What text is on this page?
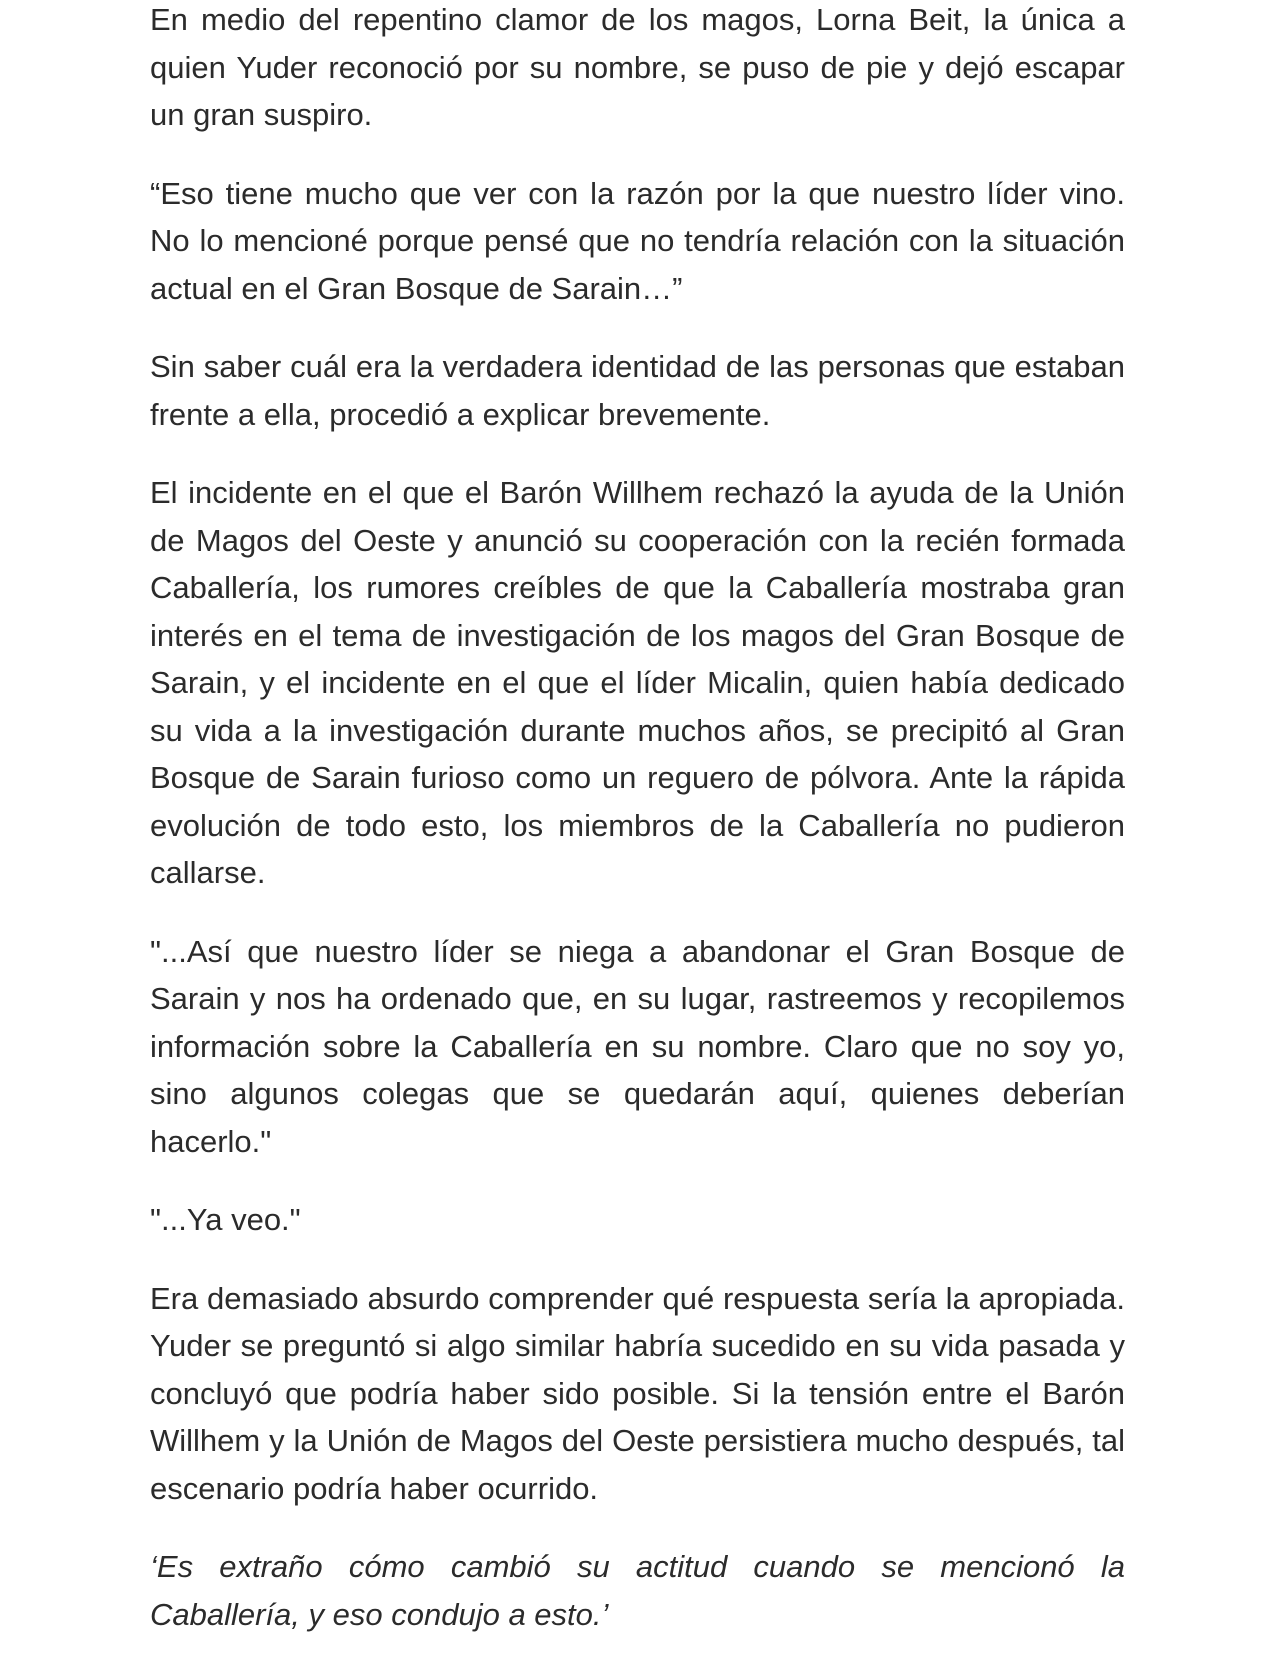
En medio del repentino clamor de los magos, Lorna Beit, la única a quien Yuder reconoció por su nombre, se puso de pie y dejó escapar un gran suspiro.

“Eso tiene mucho que ver con la razón por la que nuestro líder vino. No lo mencioné porque pensé que no tendría relación con la situación actual en el Gran Bosque de Sarain…”

Sin saber cuál era la verdadera identidad de las personas que estaban frente a ella, procedió a explicar brevemente.

El incidente en el que el Barón Willhem rechazó la ayuda de la Unión de Magos del Oeste y anunció su cooperación con la recién formada Caballería, los rumores creíbles de que la Caballería mostraba gran interés en el tema de investigación de los magos del Gran Bosque de Sarain, y el incidente en el que el líder Micalin, quien había dedicado su vida a la investigación durante muchos años, se precipitó al Gran Bosque de Sarain furioso como un reguero de pólvora. Ante la rápida evolución de todo esto, los miembros de la Caballería no pudieron callarse.

"...Así que nuestro líder se niega a abandonar el Gran Bosque de Sarain y nos ha ordenado que, en su lugar, rastreemos y recopilemos información sobre la Caballería en su nombre. Claro que no soy yo, sino algunos colegas que se quedarán aquí, quienes deberían hacerlo."

"...Ya veo."

Era demasiado absurdo comprender qué respuesta sería la apropiada. Yuder se preguntó si algo similar habría sucedido en su vida pasada y concluyó que podría haber sido posible. Si la tensión entre el Barón Willhem y la Unión de Magos del Oeste persistiera mucho después, tal escenario podría haber ocurrido.

‘Es extraño cómo cambió su actitud cuando se mencionó la Caballería, y eso condujo a esto.’
